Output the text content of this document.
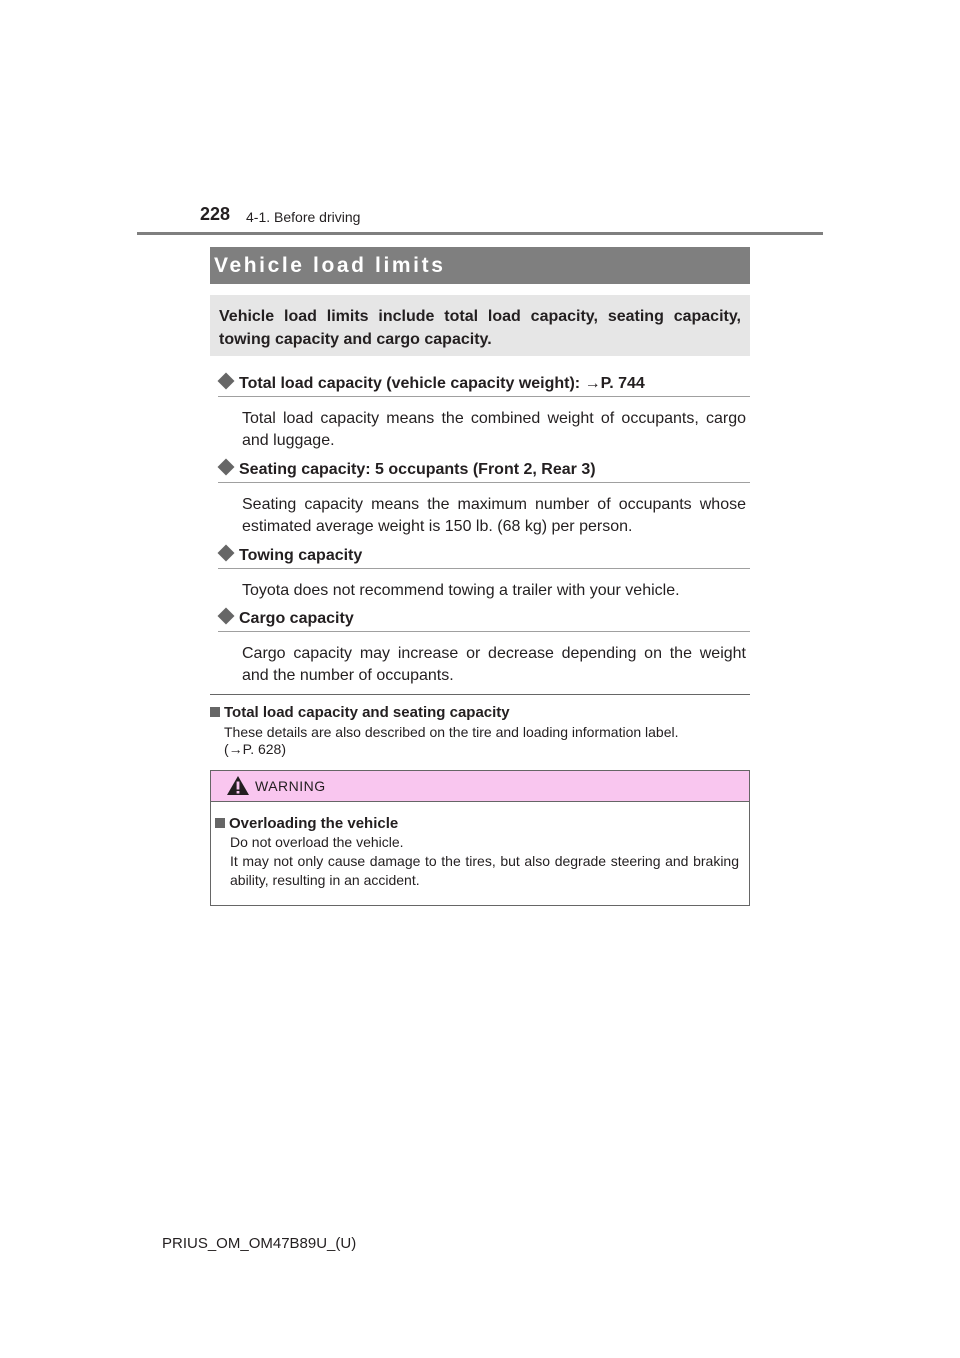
228 4-1. Before driving
Vehicle load limits
Vehicle load limits include total load capacity, seating capacity, towing capacity and cargo capacity.
Total load capacity (vehicle capacity weight): →P. 744
Total load capacity means the combined weight of occupants, cargo and luggage.
Seating capacity: 5 occupants (Front 2, Rear 3)
Seating capacity means the maximum number of occupants whose estimated average weight is 150 lb. (68 kg) per person.
Towing capacity
Toyota does not recommend towing a trailer with your vehicle.
Cargo capacity
Cargo capacity may increase or decrease depending on the weight and the number of occupants.
Total load capacity and seating capacity
These details are also described on the tire and loading information label.
(→P. 628)
WARNING
Overloading the vehicle
Do not overload the vehicle.
It may not only cause damage to the tires, but also degrade steering and braking ability, resulting in an accident.
PRIUS_OM_OM47B89U_(U)
